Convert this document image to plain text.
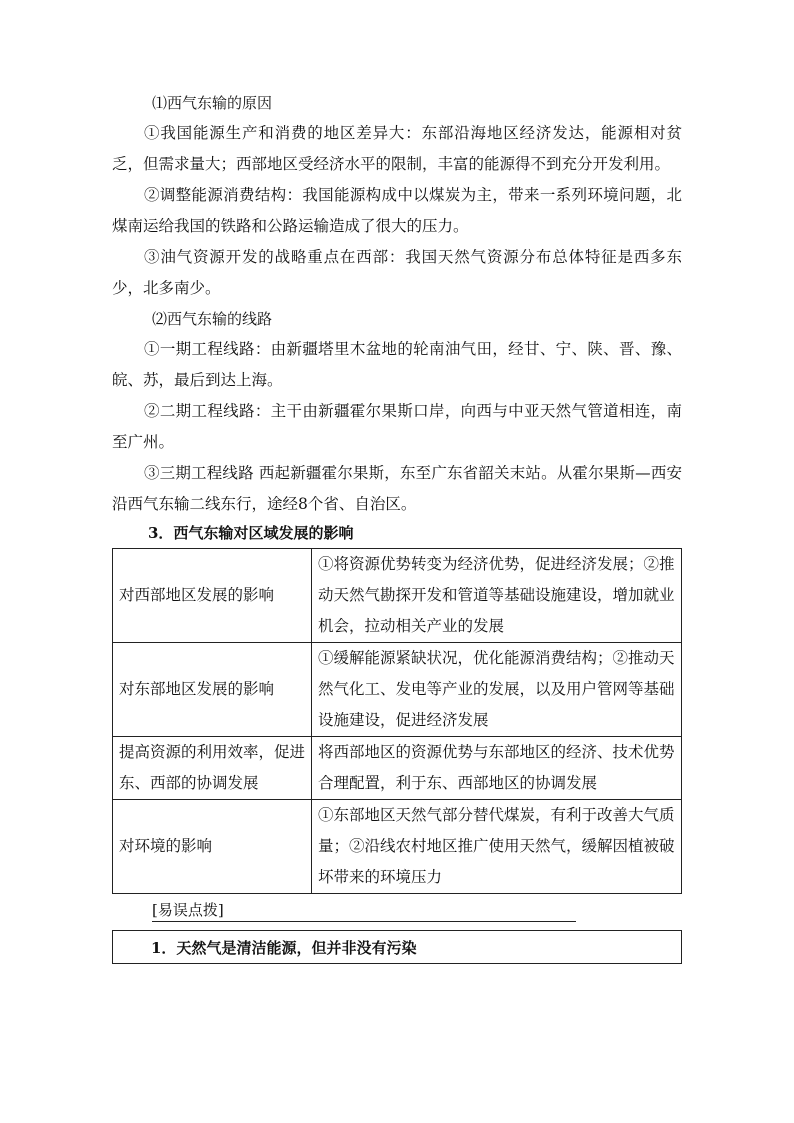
⑴西气东输的原因

①我国能源生产和消费的地区差异大：东部沿海地区经济发达，能源相对贫乏，但需求量大；西部地区受经济水平的限制，丰富的能源得不到充分开发利用。

②调整能源消费结构：我国能源构成中以煤炭为主，带来一系列环境问题，北煤南运给我国的铁路和公路运输造成了很大的压力。

③油气资源开发的战略重点在西部：我国天然气资源分布总体特征是西多东少，北多南少。

⑵西气东输的线路

①一期工程线路：由新疆塔里木盆地的轮南油气田，经甘、宁、陕、晋、豫、皖、苏，最后到达上海。

②二期工程线路：主干由新疆霍尔果斯口岸，向西与中亚天然气管道相连，南至广州。

③三期工程线路 西起新疆霍尔果斯，东至广东省韶关末站。从霍尔果斯—西安沿西气东输二线东行，途经8个省、自治区。

3．西气东输对区域发展的影响
对西部地区发展的影响	①将资源优势转变为经济优势，促进经济发展；②推动天然气勘探开发和管道等基础设施建设，增加就业机会，拉动相关产业的发展
对东部地区发展的影响	①缓解能源紧缺状况，优化能源消费结构；②推动天然气化工、发电等产业的发展，以及用户管网等基础设施建设，促进经济发展
提高资源的利用效率，促进东、西部的协调发展	将西部地区的资源优势与东部地区的经济、技术优势合理配置，利于东、西部地区的协调发展
对环境的影响	①东部地区天然气部分替代煤炭，有利于改善大气质量；②沿线农村地区推广使用天然气，缓解因植被破坏带来的环境压力
[易误点拨]
1．天然气是清洁能源，但并非没有污染
